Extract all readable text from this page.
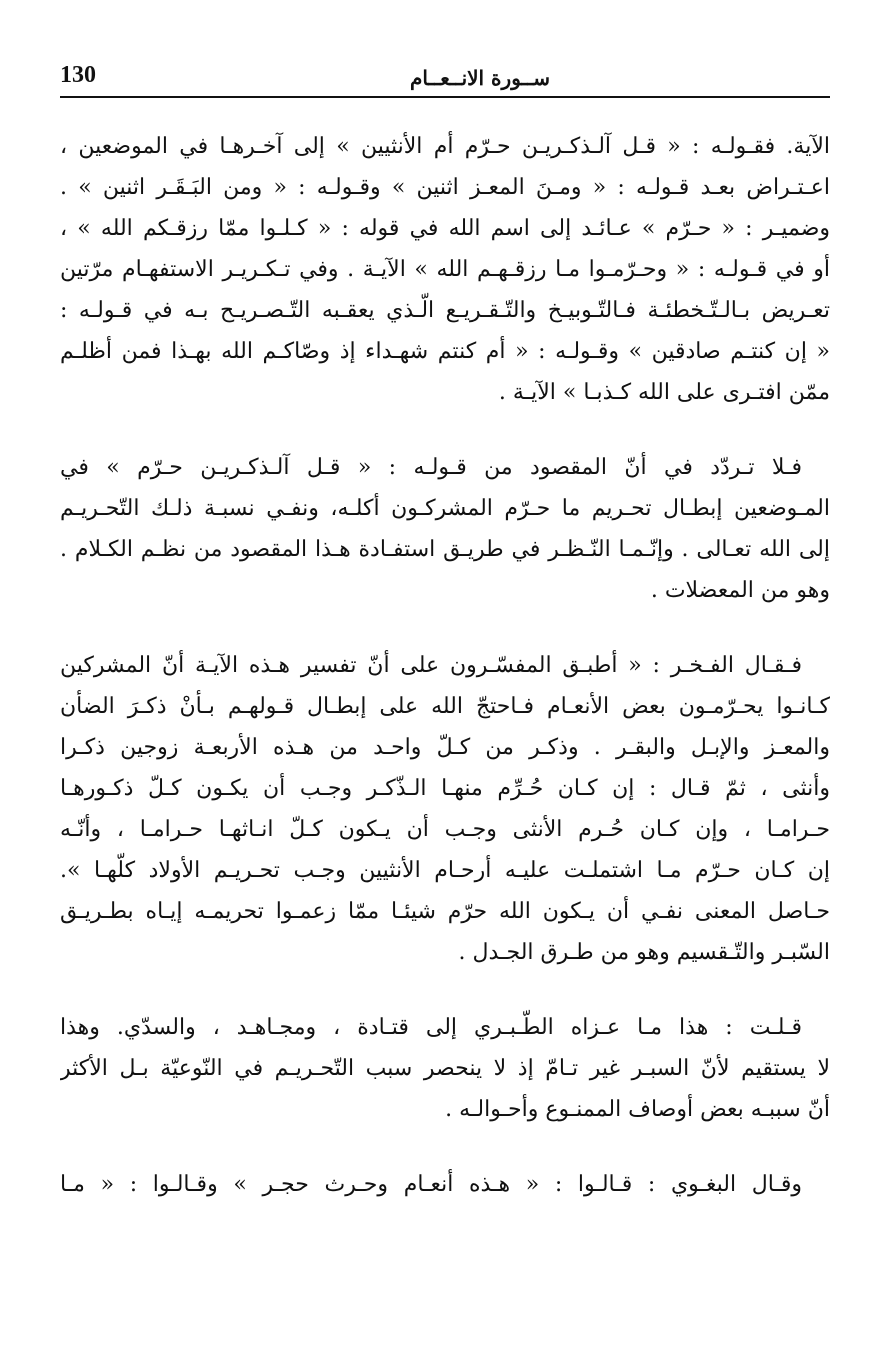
130	ســورة الانــعــام
الآية. فقـولـه : « قـل آلـذكـريـن حـرّم أم الأنثيين » إلى آخـرهـا في الموضعين ،
اعـتـراض بعـد قـولـه : « ومـنَ المعـز اثنين » وقـولـه : « ومن البَـقَـر اثنين » .
وضميـر : « حـرّم » عـائـد إلى اسم الله في قوله : « كـلـوا ممّا رزقـكم الله » ،
أو في قـولـه : « وحـرّمـوا مـا رزقـهـم الله » الآيـة . وفي تـكـريـر الاستفهـام مرّتين
تعـريض بـالـتّـخطئـة فـالتّـوبيـخ والتّـقـريـع الّـذي يعقـبه التّـصـريـح بـه في قـولـه :
« إن كنتـم صادقين » وقـولـه : « أم كنتم شهـداء إذ وصّاكـم الله بهـذا فمن أظلـم
ممّن افتـرى على الله كـذبـا » الآيـة .
فـلا تـردّد في أنّ المقصود من قـولـه : « قـل آلـذكـريـن حـرّم » في
المـوضعين إبطـال تحـريم ما حـرّم المشركـون أكلـه، ونفـي نسبـة ذلـك التّحـريـم
إلى الله تعـالى . وإنّـمـا النّـظـر في طريـق استفـادة هـذا المقصود من نظـم الكـلام .
وهو من المعضلات .
فـقـال الفـخـر : « أطبـق المفسّـرون على أنّ تفسير هـذه الآيـة أنّ المشركين
كـانـوا يحـرّمـون بعض الأنعـام فـاحتجّ الله على إبطـال قـولهـم بـأنْ ذكـرَ الضأن
والمعـز والإبـل والبقـر . وذكـر من كـلّ واحـد من هـذه الأربعـة زوجين ذكـرا
وأنثى ، ثمّ قـال : إن كـان حُـرِّم منهـا الـذّكـر وجـب أن يكـون كـلّ ذكـورهـا
حـرامـا ، وإن كـان حُـرم الأنثى وجـب أن يـكون كـلّ انـاثهـا حـرامـا ، وأنّـه
إن كـان حـرّم مـا اشتملـت عليـه أرحـام الأنثيين وجـب تحـريـم الأولاد كلّهـا ».
حـاصل المعنى نفـي أن يـكون الله حرّم شيئـا ممّا زعمـوا تحريمـه إيـاه بطـريـق
السّبـر والتّـقسيم وهو من طـرق الجـدل .
قـلـت : هذا مـا عـزاه الطّـبـري إلى قتـادة ، ومجـاهـد ، والسدّي. وهذا
لا يستقيم لأنّ السبـر غير تـامّ إذ لا ينحصر سبب التّحـريـم في النّوعيّة بـل الأكثر
أنّ سببـه بعض أوصاف الممنـوع وأحـوالـه .
وقـال البغـوي : قـالـوا : « هـذه أنعـام وحـرث حجـر » وقـالـوا : « مـا
